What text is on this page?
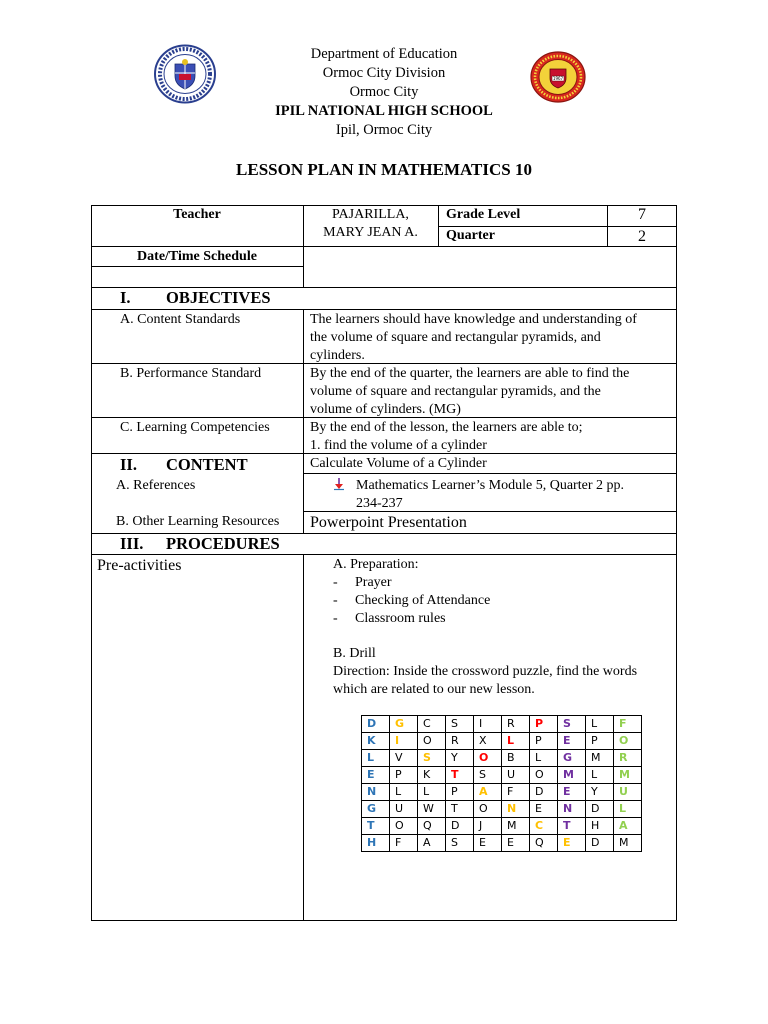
1967
Department of Education
Ormoc City Division
Ormoc City
IPIL NATIONAL HIGH SCHOOL
Ipil, Ormoc City
LESSON PLAN IN MATHEMATICS 10
Teacher	PAJARILLA,
MARY JEAN A.
Grade Level	7
Quarter	2
Date/Time Schedule
I. OBJECTIVES
A. Content Standards	The learners should have knowledge and understanding of
the volume of square and rectangular pyramids, and
cylinders.
B. Performance Standard	By the end of the quarter, the learners are able to find the
volume of square and rectangular pyramids, and the
volume of cylinders. (MG)
C. Learning Competencies	By the end of the lesson, the learners are able to;
1. find the volume of a cylinder
II. CONTENT	Calculate Volume of a Cylinder
A. References	Mathematics Learner’s Module 5, Quarter 2 pp.
234-237
B. Other Learning Resources Powerpoint Presentation
III. PROCEDURES
Pre-activities	A. Preparation:
- Prayer
- Checking of Attendance
- Classroom rules
B. Drill
Direction: Inside the crossword puzzle, find the words
which are related to our new lesson.
D	G	C	S	I	R	P	S	L	F
K	I	O	R	X	L	P	E	P	O
L	V	S	Y	O	B	L	G	M	R
E	P	K	T	S	U	O	M	L	M
N	L	L	P	A	F	D	E	Y	U
G	U	W	T	O	N	E	N	D	L
T	O	Q	D	J	M	C	T	H	A
H	F	A	S	E	E	Q	E	D	M
